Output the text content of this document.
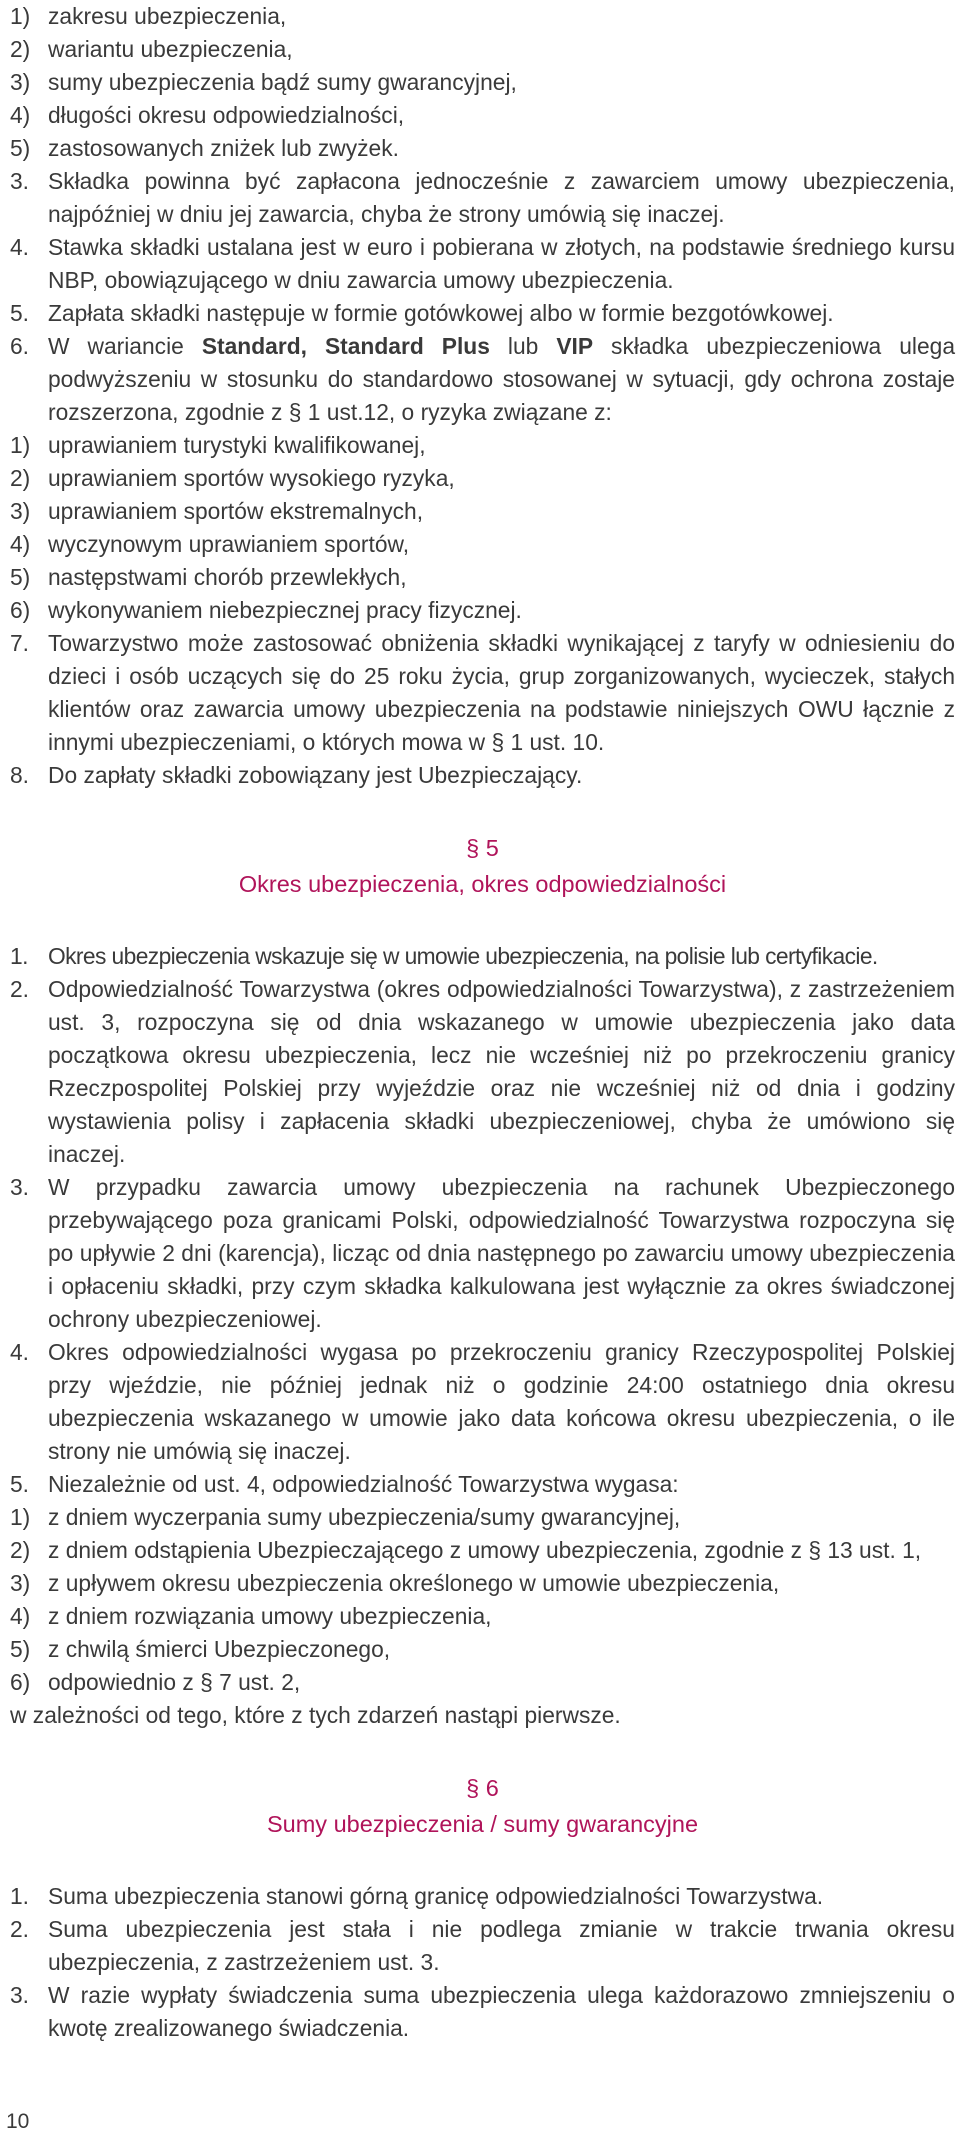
1) zakresu ubezpieczenia,
2) wariantu ubezpieczenia,
3) sumy ubezpieczenia bądź sumy gwarancyjnej,
4) długości okresu odpowiedzialności,
5) zastosowanych zniżek lub zwyżek.
3. Składka powinna być zapłacona jednocześnie z zawarciem umowy ubezpieczenia, najpóźniej w dniu jej zawarcia, chyba że strony umówią się inaczej.
4. Stawka składki ustalana jest w euro i pobierana w złotych, na podstawie średniego kursu NBP, obowiązującego w dniu zawarcia umowy ubezpieczenia.
5. Zapłata składki następuje w formie gotówkowej albo w formie bezgotówkowej.
6. W wariancie Standard, Standard Plus lub VIP składka ubezpieczeniowa ulega podwyższeniu w stosunku do standardowo stosowanej w sytuacji, gdy ochrona zostaje rozszerzona, zgodnie z § 1 ust.12, o ryzyka związane z:
1) uprawianiem turystyki kwalifikowanej,
2) uprawianiem sportów wysokiego ryzyka,
3) uprawianiem sportów ekstremalnych,
4) wyczynowym uprawianiem sportów,
5) następstwami chorób przewlekłych,
6) wykonywaniem niebezpiecznej pracy fizycznej.
7. Towarzystwo może zastosować obniżenia składki wynikającej z taryfy w odniesieniu do dzieci i osób uczących się do 25 roku życia, grup zorganizowanych, wycieczek, stałych klientów oraz zawarcia umowy ubezpieczenia na podstawie niniejszych OWU łącznie z innymi ubezpieczeniami, o których mowa w § 1 ust. 10.
8. Do zapłaty składki zobowiązany jest Ubezpieczający.
§ 5
Okres ubezpieczenia, okres odpowiedzialności
1. Okres ubezpieczenia wskazuje się w umowie ubezpieczenia, na polisie lub certyfikacie.
2. Odpowiedzialność Towarzystwa (okres odpowiedzialności Towarzystwa), z zastrzeżeniem ust. 3, rozpoczyna się od dnia wskazanego w umowie ubezpieczenia jako data początkowa okresu ubezpieczenia, lecz nie wcześniej niż po przekroczeniu granicy Rzeczpospolitej Polskiej przy wyjeździe oraz nie wcześniej niż od dnia i godziny wystawienia polisy i zapłacenia składki ubezpieczeniowej, chyba że umówiono się inaczej.
3. W przypadku zawarcia umowy ubezpieczenia na rachunek Ubezpieczonego przebywającego poza granicami Polski, odpowiedzialność Towarzystwa rozpoczyna się po upływie 2 dni (karencja), licząc od dnia następnego po zawarciu umowy ubezpieczenia i opłaceniu składki, przy czym składka kalkulowana jest wyłącznie za okres świadczonej ochrony ubezpieczeniowej.
4. Okres odpowiedzialności wygasa po przekroczeniu granicy Rzeczypospolitej Polskiej przy wjeździe, nie później jednak niż o godzinie 24:00 ostatniego dnia okresu ubezpieczenia wskazanego w umowie jako data końcowa okresu ubezpieczenia, o ile strony nie umówią się inaczej.
5. Niezależnie od ust. 4, odpowiedzialność Towarzystwa wygasa:
1) z dniem wyczerpania sumy ubezpieczenia/sumy gwarancyjnej,
2) z dniem odstąpienia Ubezpieczającego z umowy ubezpieczenia, zgodnie z § 13 ust. 1,
3) z upływem okresu ubezpieczenia określonego w umowie ubezpieczenia,
4) z dniem rozwiązania umowy ubezpieczenia,
5) z chwilą śmierci Ubezpieczonego,
6) odpowiednio z § 7 ust. 2,
w zależności od tego, które z tych zdarzeń nastąpi pierwsze.
§ 6
Sumy ubezpieczenia / sumy gwarancyjne
1. Suma ubezpieczenia stanowi górną granicę odpowiedzialności Towarzystwa.
2. Suma ubezpieczenia jest stała i nie podlega zmianie w trakcie trwania okresu ubezpieczenia, z zastrzeżeniem ust. 3.
3. W razie wypłaty świadczenia suma ubezpieczenia ulega każdorazowo zmniejszeniu o kwotę zrealizowanego świadczenia.
10
